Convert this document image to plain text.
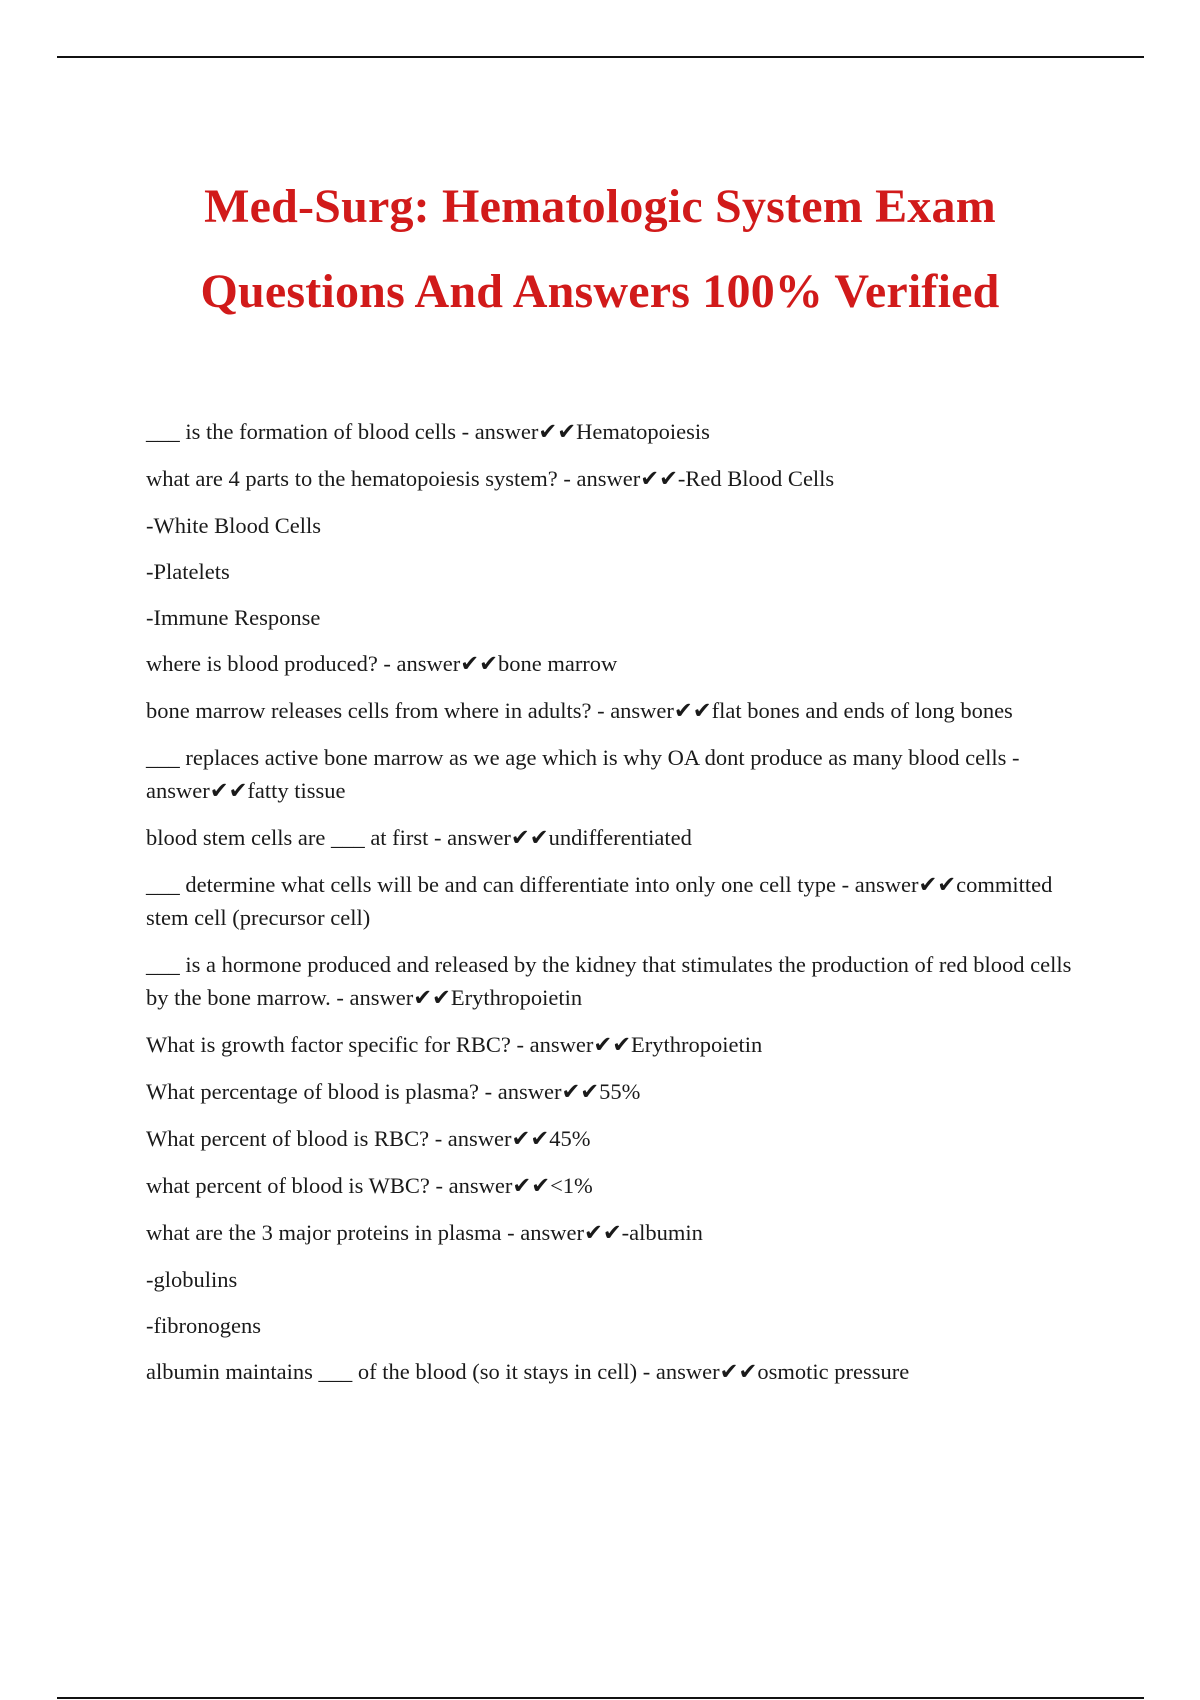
Med-Surg: Hematologic System Exam
Questions And Answers 100% Verified

___ is the formation of blood cells - answer✔✔Hematopoiesis

what are 4 parts to the hematopoiesis system? - answer✔✔-Red Blood Cells

-White Blood Cells

-Platelets

-Immune Response

where is blood produced? - answer✔✔bone marrow

bone marrow releases cells from where in adults? - answer✔✔flat bones and ends of long bones

___ replaces active bone marrow as we age which is why OA dont produce as many blood cells - answer✔✔fatty tissue

blood stem cells are ___ at first - answer✔✔undifferentiated

___ determine what cells will be and can differentiate into only one cell type - answer✔✔committed stem cell (precursor cell)

___ is a hormone produced and released by the kidney that stimulates the production of red blood cells by the bone marrow. - answer✔✔Erythropoietin

What is growth factor specific for RBC? - answer✔✔Erythropoietin

What percentage of blood is plasma? - answer✔✔55%

What percent of blood is RBC? - answer✔✔45%

what percent of blood is WBC? - answer✔✔<1%

what are the 3 major proteins in plasma - answer✔✔-albumin

-globulins

-fibronogens

albumin maintains ___ of the blood (so it stays in cell) - answer✔✔osmotic pressure
